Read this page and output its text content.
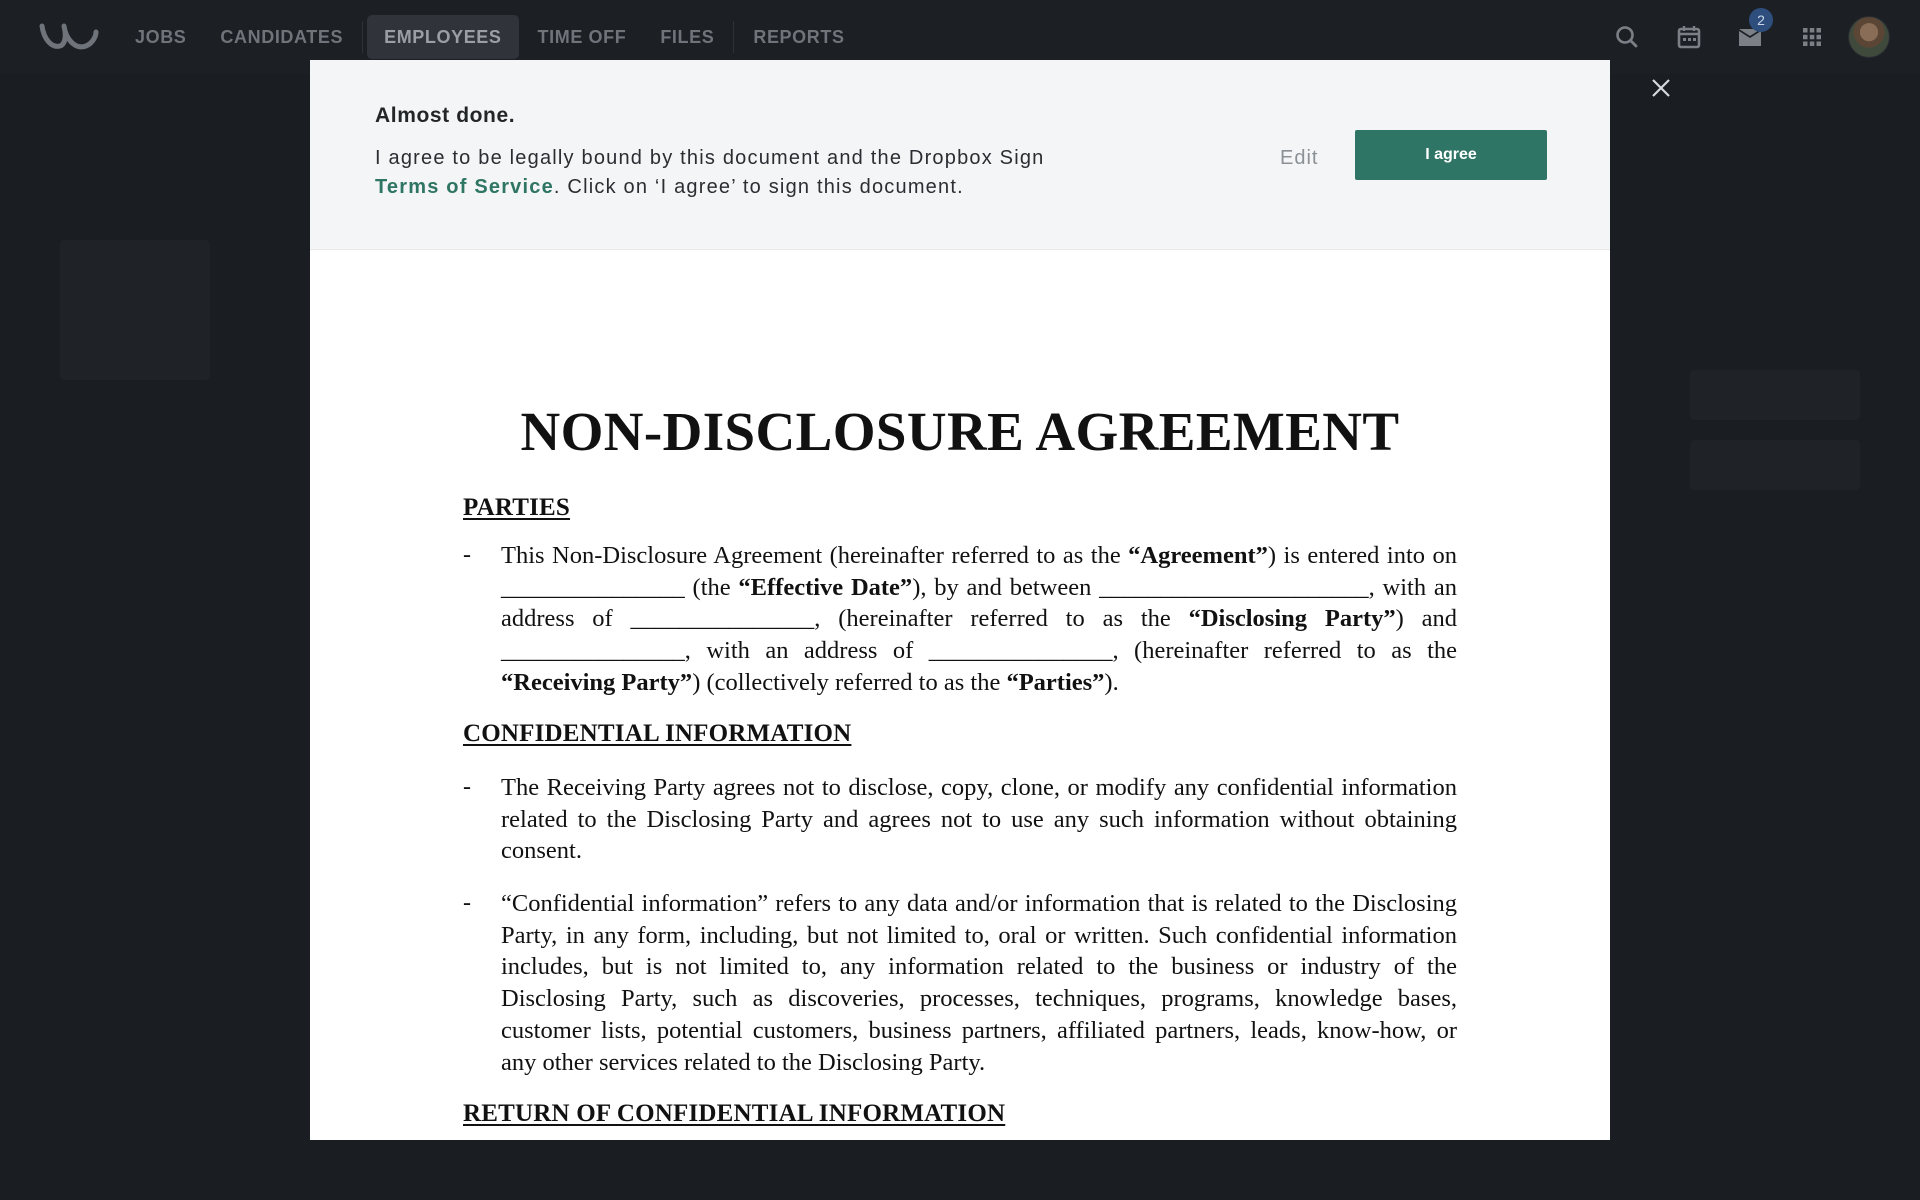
JOBS	CANDIDATES	EMPLOYEES	TIME OFF	FILES	REPORTS
2
Almost done.
I agree to be legally bound by this document and the Dropbox Sign Terms of Service. Click on ‘I agree’ to sign this document.
Edit	I agree
NON-DISCLOSURE AGREEMENT
PARTIES
- This Non-Disclosure Agreement (hereinafter referred to as the “Agreement”) is entered into on _______________ (the “Effective Date”), by and between ______________________, with an address of _______________, (hereinafter referred to as the “Disclosing Party”) and _______________, with an address of _______________, (hereinafter referred to as the “Receiving Party”) (collectively referred to as the “Parties”).
CONFIDENTIAL INFORMATION
- The Receiving Party agrees not to disclose, copy, clone, or modify any confidential information related to the Disclosing Party and agrees not to use any such information without obtaining consent.
- “Confidential information” refers to any data and/or information that is related to the Disclosing Party, in any form, including, but not limited to, oral or written. Such confidential information includes, but is not limited to, any information related to the business or industry of the Disclosing Party, such as discoveries, processes, techniques, programs, knowledge bases, customer lists, potential customers, business partners, affiliated partners, leads, know-how, or any other services related to the Disclosing Party.
RETURN OF CONFIDENTIAL INFORMATION
